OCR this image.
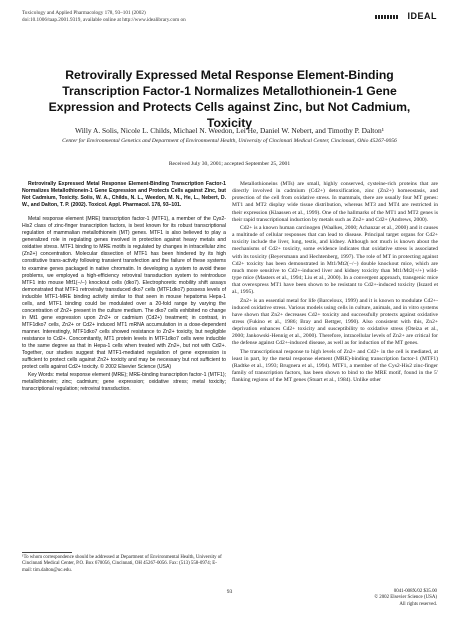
Toxicology and Applied Pharmacology 178, 93–101 (2002)
doi:10.1006/taap.2001.9319, available online at http://www.idealibrary.com on	IDEAL
Retrovirally Expressed Metal Response Element-Binding Transcription Factor-1 Normalizes Metallothionein-1 Gene Expression and Protects Cells against Zinc, but Not Cadmium, Toxicity
Willy A. Solis, Nicole L. Childs, Michael N. Weedon, Lei He, Daniel W. Nebert, and Timothy P. Dalton¹
Center for Environmental Genetics and Department of Environmental Health, University of Cincinnati Medical Center, Cincinnati, Ohio 45267-0056
Received July 30, 2001; accepted September 25, 2001

Retrovirally Expressed Metal Response Element-Binding Transcription Factor-1 Normalizes Metallothionein-1 Gene Expression and Protects Cells against Zinc, but Not Cadmium, Toxicity. Solis, W. A., Childs, N. L., Weedon, M. N., He, L., Nebert, D. W., and Dalton, T. P. (2002). Toxicol. Appl. Pharmacol. 178, 93–101.

Metal response element (MRE) transcription factor-1 (MTF1), a member of the Cys2-His2 class of zinc-finger transcription factors, is best known for its robust transcriptional regulation of mammalian metallothionein (MT) genes. MTF1 is also believed to play a generalized role in regulating genes involved in protection against heavy metals and oxidative stress. MTF1 binding to MRE motifs is regulated by changes in intracellular zinc (Zn2+) concentration. Molecular dissection of MTF1 has been hindered by its high constitutive trans-activity following transient transfection and the failure of these systems to examine genes packaged in native chromatin. In developing a system to avoid these problems, we employed a high-efficiency retroviral transduction system to reintroduce MTF1 into mouse Mtf1(−/−) knockout cells (dko7). Electrophoretic mobility shift assays demonstrated that MTF1 retrovirally transduced dko7 cells (MTF1dko7) possess levels of inducible MTF1-MRE binding activity similar to that seen in mouse hepatoma Hepa-1 cells, and MTF1 binding could be modulated over a 20-fold range by varying the concentration of Zn2+ present in the culture medium. The dko7 cells exhibited no change in Mt1 gene expression upon Zn2+ or cadmium (Cd2+) treatment; in contrast, in MTF1dko7 cells, Zn2+ or Cd2+ induced MT1 mRNA accumulation in a dose-dependent manner. Interestingly, MTF1dko7 cells showed resistance to Zn2+ toxicity, but negligible resistance to Cd2+. Concomitantly, MT1 protein levels in MTF1dko7 cells were inducible to the same degree as that in Hepa-1 cells when treated with Zn2+, but not with Cd2+. Together, our studies suggest that MTF1-mediated regulation of gene expression is sufficient to protect cells against Zn2+ toxicity and may be necessary but not sufficient to protect cells against Cd2+ toxicity. © 2002 Elsevier Science (USA)

Key Words: metal response element (MRE); MRE-binding transcription factor-1 (MTF1); metallothionein; zinc; cadmium; gene expression; oxidative stress; metal toxicity; transcriptional regulation; retroviral transduction.

Metallothioneins (MTs) are small, highly conserved, cysteine-rich proteins that are directly involved in cadmium (Cd2+) detoxification, zinc (Zn2+) homeostasis, and protection of the cell from oxidative stress. In mammals, there are usually four MT genes: MT1 and MT2 display wide tissue distribution, whereas MT3 and MT4 are restricted in their expression (Klaassen et al., 1999). One of the hallmarks of the MT1 and MT2 genes is their rapid transcriptional induction by metals such as Zn2+ and Cd2+ (Andrews, 2000).

Cd2+ is a known human carcinogen (Waalkes, 2000; Achanzar et al., 2000) and it causes a multitude of cellular responses that can lead to disease. Principal target organs for Cd2+ toxicity include the liver, lung, testis, and kidney. Although not much is known about the mechanisms of Cd2+ toxicity, some evidence indicates that oxidative stress is associated with its toxicity (Beyersmann and Hechtenberg, 1997). The role of MT in protecting against Cd2+ toxicity has been demonstrated in Mt1/Mt2(−/−) double knockout mice, which are much more sensitive to Cd2+-induced liver and kidney toxicity than Mt1/Mt2(+/+) wild-type mice (Masters et al., 1994; Liu et al., 2000). In a convergent approach, transgenic mice that overexpress MT1 have been shown to be resistant to Cd2+-induced toxicity (Iszard et al., 1995).

Zn2+ is an essential metal for life (Barceloux, 1999) and it is known to modulate Cd2+-induced oxidative stress. Various models using cells in culture, animals, and in vitro systems have shown that Zn2+ decreases Cd2+ toxicity and successfully protects against oxidative stress (Fukino et al., 1986; Bray and Bettger, 1990). Also consistent with this, Zn2+ deprivation enhances Cd2+ toxicity and susceptibility to oxidative stress (Oteiza et al., 2000; Jankowski-Hennig et al., 2000). Therefore, intracellular levels of Zn2+ are critical for the defense against Cd2+-induced disease, as well as for induction of the MT genes.

The transcriptional response to high levels of Zn2+ and Cd2+ in the cell is mediated, at least in part, by the metal response element (MRE)-binding transcription factor-1 (MTF1) (Radtke et al., 1993; Brugnera et al., 1994). MTF1, a member of the Cys2-His2 zinc-finger family of transcription factors, has been shown to bind to the MRE motif, found in the 5′ flanking regions of the MT genes (Stuart et al., 1984). Unlike other

¹To whom correspondence should be addressed at Department of Environmental Health, University of Cincinnati Medical Center, P.O. Box 670056, Cincinnati, OH 45267-0056. Fax: (513) 558-0974; E-mail: tim.dalton@uc.edu.
93	0041-008X/02 $35.00
© 2002 Elsevier Science (USA)
All rights reserved.
